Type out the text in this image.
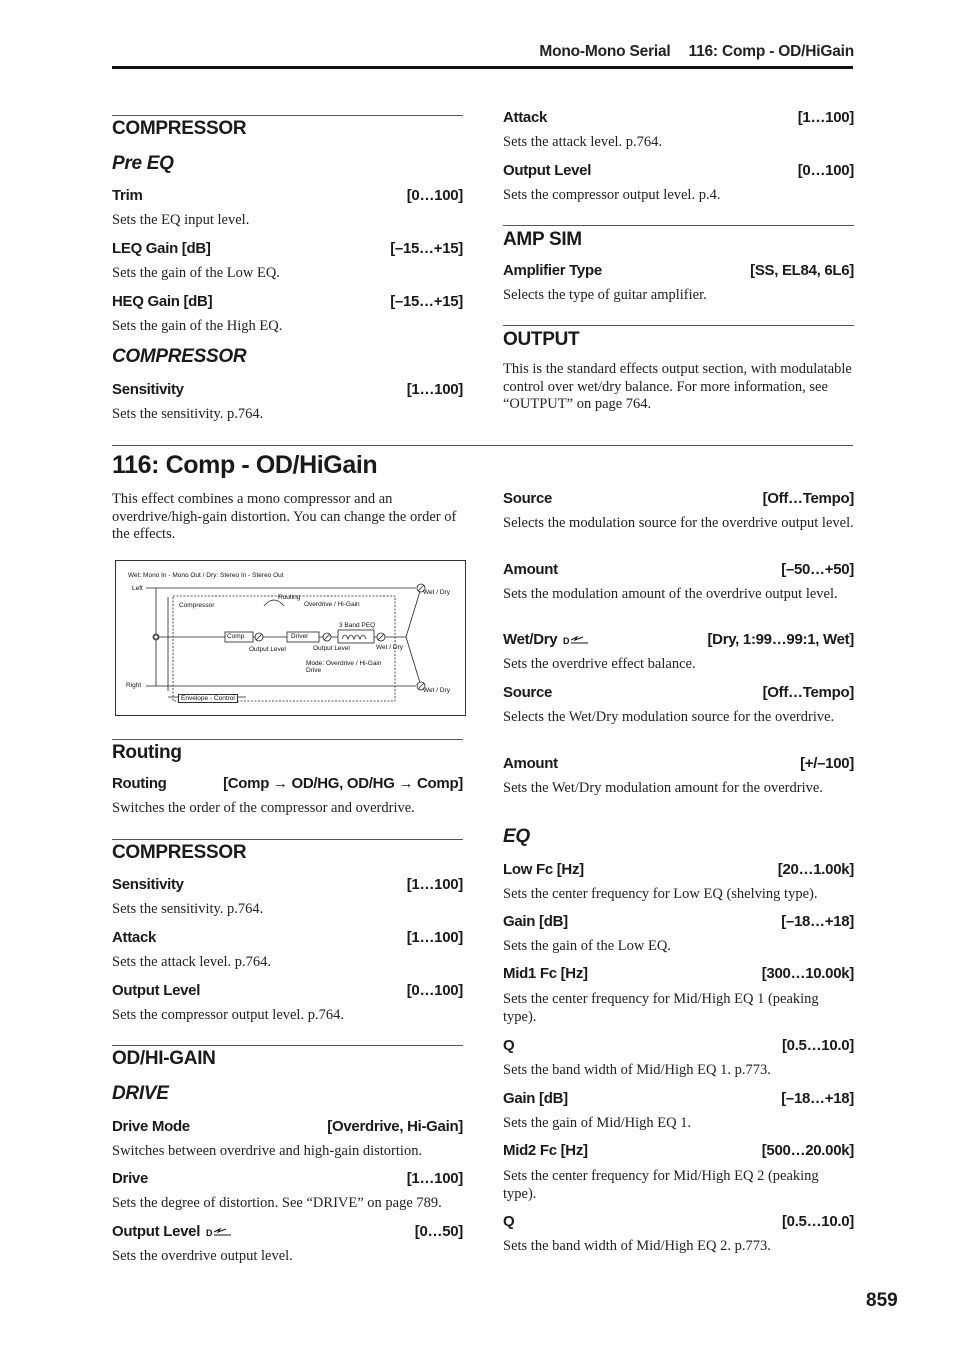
Mono-Mono Serial 116: Comp - OD/HiGain
COMPRESSOR
Pre EQ
Trim	[0…100]
Sets the EQ input level.
LEQ Gain [dB]	[–15…+15]
Sets the gain of the Low EQ.
HEQ Gain [dB]	[–15…+15]
Sets the gain of the High EQ.
COMPRESSOR
Sensitivity	[1…100]
Sets the sensitivity. p.764.
Attack	[1…100]
Sets the attack level. p.764.
Output Level	[0…100]
Sets the compressor output level. p.4.
AMP SIM
Amplifier Type	[SS, EL84, 6L6]
Selects the type of guitar amplifier.
OUTPUT
This is the standard effects output section, with modulatable control over wet/dry balance. For more information, see “OUTPUT” on page 764.
116: Comp - OD/HiGain
This effect combines a mono compressor and an overdrive/high-gain distortion. You can change the order of the effects.
Wet: Mono In - Mono Out / Dry: Stereo In - Stereo Out
Left
Right
Compressor
Routing
Overdrive / Hi-Gain
3 Band PEQ
Comp	Driver
Output Level	Output Level	Wet / Dry
Wet / Dry
Wet / Dry
Mode: Overdrive / Hi-Gain
Drive
Envelope - Control
Routing
Routing	[Comp → OD/HG, OD/HG → Comp]
Switches the order of the compressor and overdrive.
COMPRESSOR
Sensitivity	[1…100]
Sets the sensitivity. p.764.
Attack	[1…100]
Sets the attack level. p.764.
Output Level	[0…100]
Sets the compressor output level. p.764.
OD/HI-GAIN
DRIVE
Drive Mode	[Overdrive, Hi-Gain]
Switches between overdrive and high-gain distortion.
Drive	[1…100]
Sets the degree of distortion. See “DRIVE” on page 789.
Output Level D	[0…50]
Sets the overdrive output level.
Source	[Off…Tempo]
Selects the modulation source for the overdrive output level.
Amount	[–50…+50]
Sets the modulation amount of the overdrive output level.
Wet/Dry D	[Dry, 1:99…99:1, Wet]
Sets the overdrive effect balance.
Source	[Off…Tempo]
Selects the Wet/Dry modulation source for the overdrive.
Amount	[+/–100]
Sets the Wet/Dry modulation amount for the overdrive.
EQ
Low Fc [Hz]	[20…1.00k]
Sets the center frequency for Low EQ (shelving type).
Gain [dB]	[–18…+18]
Sets the gain of the Low EQ.
Mid1 Fc [Hz]	[300…10.00k]
Sets the center frequency for Mid/High EQ 1 (peaking type).
Q	[0.5…10.0]
Sets the band width of Mid/High EQ 1. p.773.
Gain [dB]	[–18…+18]
Sets the gain of Mid/High EQ 1.
Mid2 Fc [Hz]	[500…20.00k]
Sets the center frequency for Mid/High EQ 2 (peaking type).
Q	[0.5…10.0]
Sets the band width of Mid/High EQ 2. p.773.
859
